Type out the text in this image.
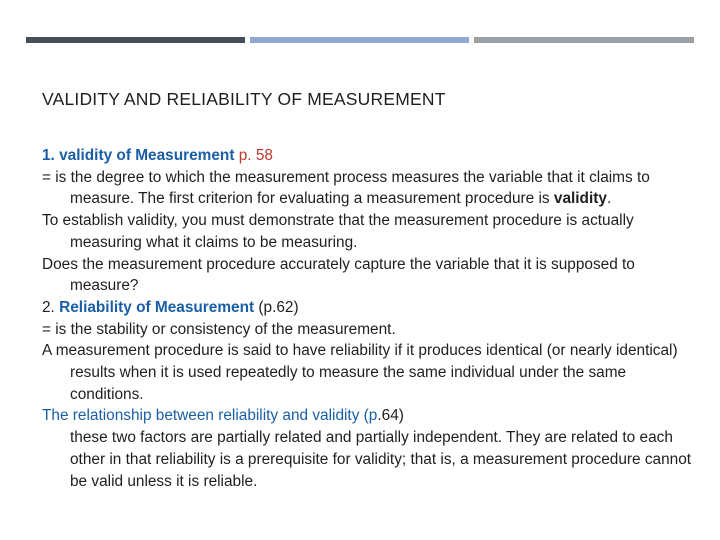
VALIDITY AND RELIABILITY OF MEASUREMENT

1. validity of Measurement p. 58

= is the degree to which the measurement process measures the variable that it claims to measure. The first criterion for evaluating a measurement procedure is validity.

To establish validity, you must demonstrate that the measurement procedure is actually measuring what it claims to be measuring.

Does the measurement procedure accurately capture the variable that it is supposed to measure?

2. Reliability of Measurement (p.62)

= is the stability or consistency of the measurement.

A measurement procedure is said to have reliability if it produces identical (or nearly identical) results when it is used repeatedly to measure the same individual under the same conditions.

The relationship between reliability and validity (p.64)

these two factors are partially related and partially independent. They are related to each other in that reliability is a prerequisite for validity; that is, a measurement procedure cannot be valid unless it is reliable.
